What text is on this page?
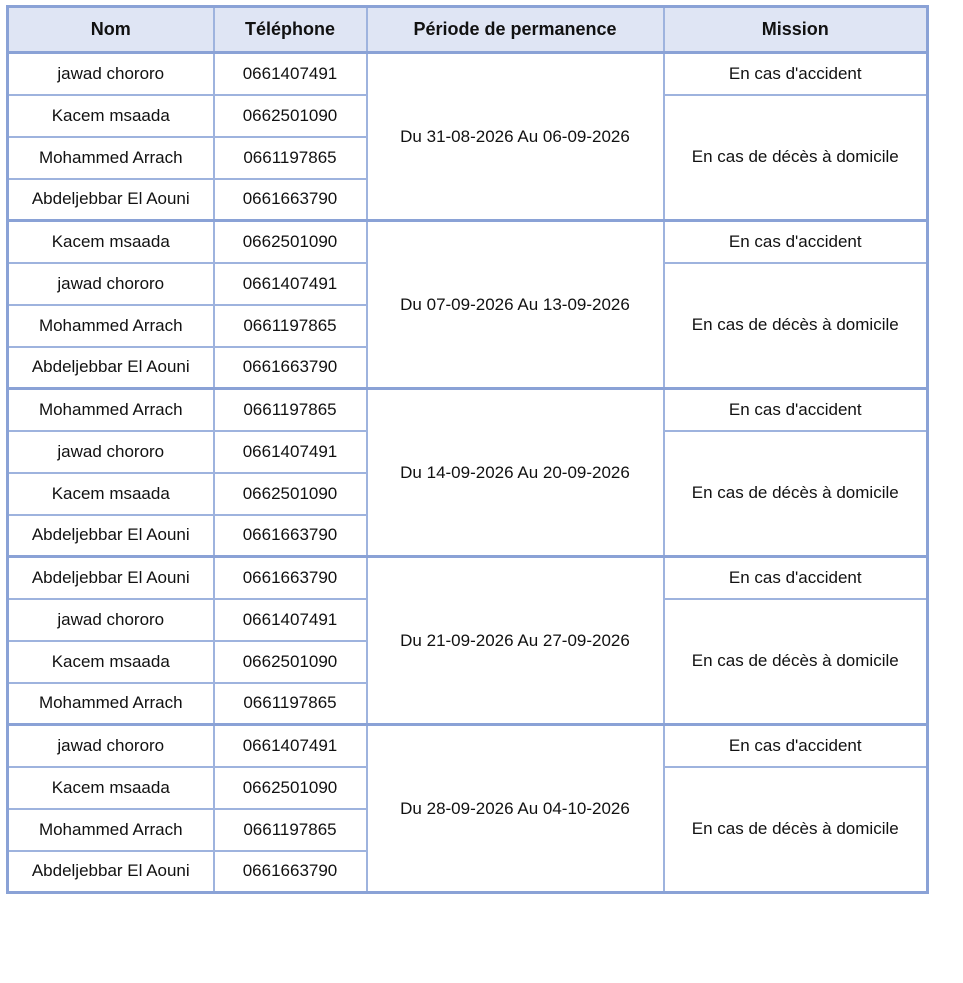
Nom	Téléphone	Période de permanence	Mission
jawad chororo	0661407491	Du 31-08-2026 Au 06-09-2026	En cas d'accident
Kacem msaada	0662501090		En cas de décès à domicile
Mohammed Arrach	0661197865		
Abdeljebbar El Aouni	0661663790		
Kacem msaada	0662501090	Du 07-09-2026 Au 13-09-2026	En cas d'accident
jawad chororo	0661407491		En cas de décès à domicile
Mohammed Arrach	0661197865		
Abdeljebbar El Aouni	0661663790		
Mohammed Arrach	0661197865	Du 14-09-2026 Au 20-09-2026	En cas d'accident
jawad chororo	0661407491		En cas de décès à domicile
Kacem msaada	0662501090		
Abdeljebbar El Aouni	0661663790		
Abdeljebbar El Aouni	0661663790	Du 21-09-2026 Au 27-09-2026	En cas d'accident
jawad chororo	0661407491		En cas de décès à domicile
Kacem msaada	0662501090		
Mohammed Arrach	0661197865		
jawad chororo	0661407491	Du 28-09-2026 Au 04-10-2026	En cas d'accident
Kacem msaada	0662501090		En cas de décès à domicile
Mohammed Arrach	0661197865		
Abdeljebbar El Aouni	0661663790		
